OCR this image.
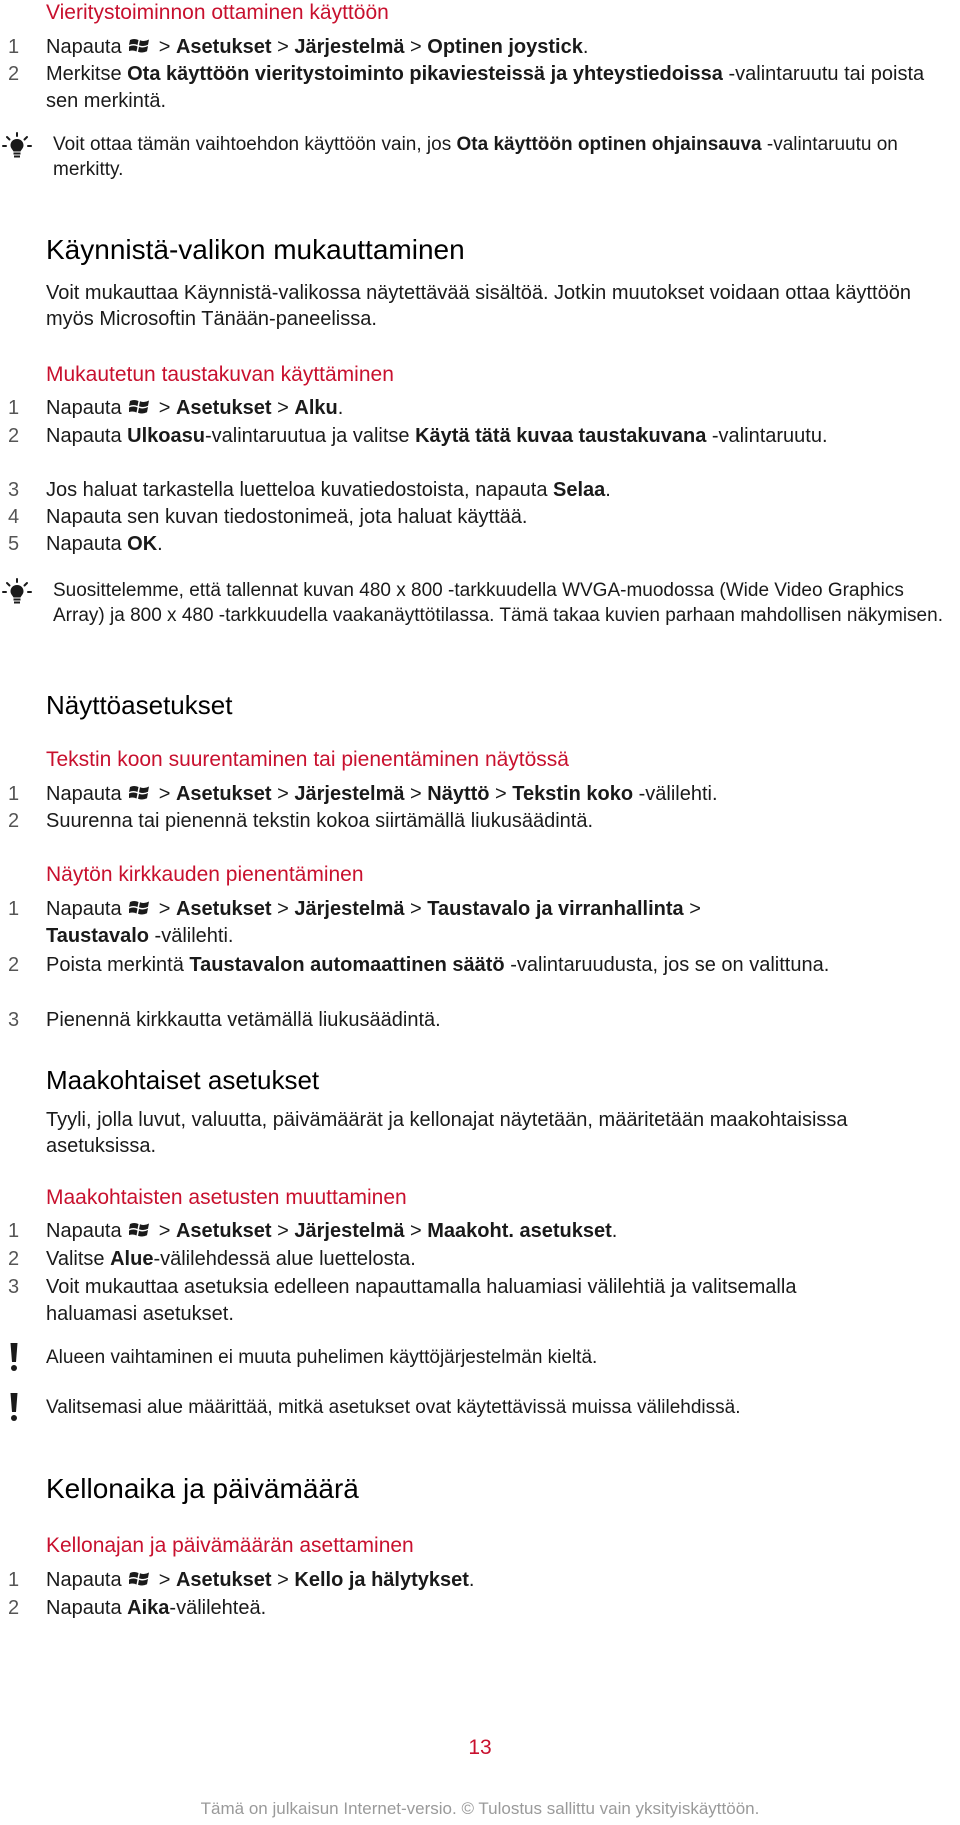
Vieritystoiminnon ottaminen käyttöön
1	Napauta  > Asetukset > Järjestelmä > Optinen joystick.
2	Merkitse Ota käyttöön vieritystoiminto pikaviesteissä ja yhteystiedoissa -valintaruutu tai poista sen merkintä.
Voit ottaa tämän vaihtoehdon käyttöön vain, jos Ota käyttöön optinen ohjainsauva -valintaruutu on merkitty.
Käynnistä-valikon mukauttaminen
Voit mukauttaa Käynnistä-valikossa näytettävää sisältöä. Jotkin muutokset voidaan ottaa käyttöön myös Microsoftin Tänään-paneelissa.
Mukautetun taustakuvan käyttäminen
1	Napauta  > Asetukset > Alku.
2	Napauta Ulkoasu-valintaruutua ja valitse Käytä tätä kuvaa taustakuvana -valintaruutu.
3	Jos haluat tarkastella luetteloa kuvatiedostoista, napauta Selaa.
4	Napauta sen kuvan tiedostonimeä, jota haluat käyttää.
5	Napauta OK.
Suosittelemme, että tallennat kuvan 480 x 800 -tarkkuudella WVGA-muodossa (Wide Video Graphics Array) ja 800 x 480 -tarkkuudella vaakanäyttötilassa. Tämä takaa kuvien parhaan mahdollisen näkymisen.
Näyttöasetukset
Tekstin koon suurentaminen tai pienentäminen näytössä
1	Napauta  > Asetukset > Järjestelmä > Näyttö > Tekstin koko -välilehti.
2	Suurenna tai pienennä tekstin kokoa siirtämällä liukusäädintä.
Näytön kirkkauden pienentäminen
1	Napauta  > Asetukset > Järjestelmä > Taustavalo ja virranhallinta > Taustavalo -välilehti.
2	Poista merkintä Taustavalon automaattinen säätö -valintaruudusta, jos se on valittuna.
3	Pienennä kirkkautta vetämällä liukusäädintä.
Maakohtaiset asetukset
Tyyli, jolla luvut, valuutta, päivämäärät ja kellonajat näytetään, määritetään maakohtaisissa asetuksissa.
Maakohtaisten asetusten muuttaminen
1	Napauta  > Asetukset > Järjestelmä > Maakoht. asetukset.
2	Valitse Alue-välilehdessä alue luettelosta.
3	Voit mukauttaa asetuksia edelleen napauttamalla haluamiasi välilehtiä ja valitsemalla haluamasi asetukset.
Alueen vaihtaminen ei muuta puhelimen käyttöjärjestelmän kieltä.
Valitsemasi alue määrittää, mitkä asetukset ovat käytettävissä muissa välilehdissä.
Kellonaika ja päivämäärä
Kellonajan ja päivämäärän asettaminen
1	Napauta  > Asetukset > Kello ja hälytykset.
2	Napauta Aika-välilehteä.
13
Tämä on julkaisun Internet-versio. © Tulostus sallittu vain yksityiskäyttöön.
